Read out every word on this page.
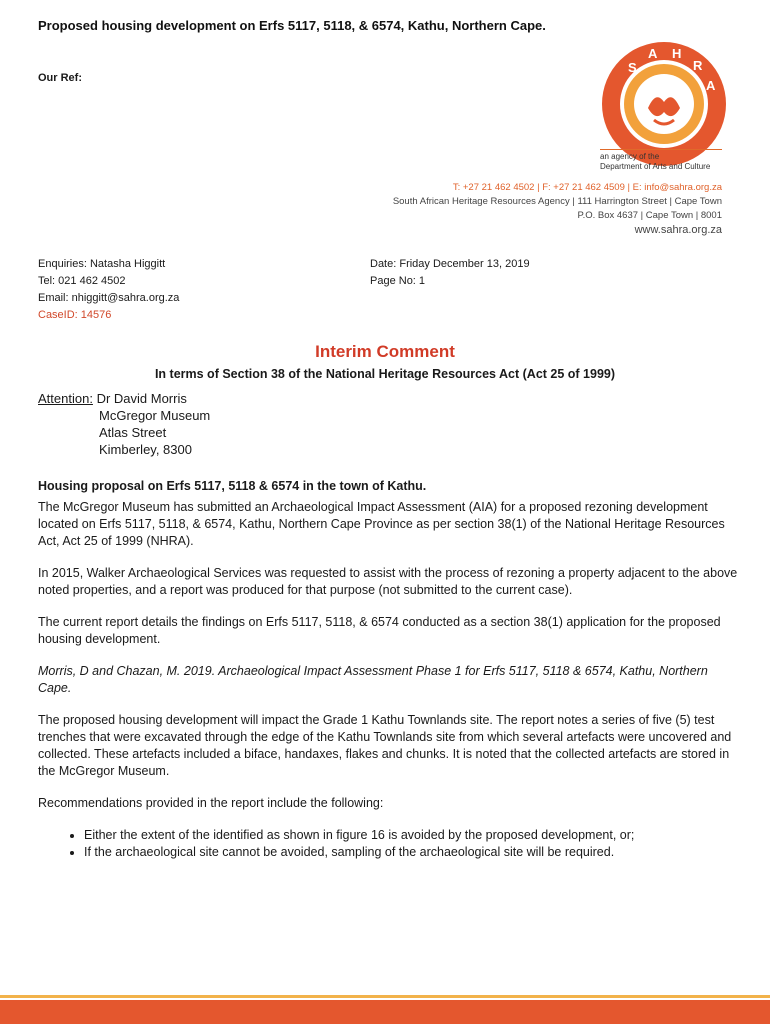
Proposed housing development on Erfs 5117, 5118, & 6574, Kathu, Northern Cape.
Our Ref:
S
A H
R
A
an agency of the
Department of Arts and Culture
T: +27 21 462 4502 | F: +27 21 462 4509 | E: info@sahra.org.za
South African Heritage Resources Agency | 111 Harrington Street | Cape Town
P.O. Box 4637 | Cape Town | 8001
www.sahra.org.za
Enquiries: Natasha Higgitt
Tel: 021 462 4502
Email: nhiggitt@sahra.org.za
CaseID: 14576
Date: Friday December 13, 2019
Page No: 1
Interim Comment
In terms of Section 38 of the National Heritage Resources Act (Act 25 of 1999)
Attention: Dr David Morris
McGregor Museum
Atlas Street
Kimberley, 8300
Housing proposal on Erfs 5117, 5118 & 6574 in the town of Kathu.

The McGregor Museum has submitted an Archaeological Impact Assessment (AIA) for a proposed rezoning development located on Erfs 5117, 5118, & 6574, Kathu, Northern Cape Province as per section 38(1) of the National Heritage Resources Act, Act 25 of 1999 (NHRA).

In 2015, Walker Archaeological Services was requested to assist with the process of rezoning a property adjacent to the above noted properties, and a report was produced for that purpose (not submitted to the current case).

The current report details the findings on Erfs 5117, 5118, & 6574 conducted as a section 38(1) application for the proposed housing development.

Morris, D and Chazan, M. 2019. Archaeological Impact Assessment Phase 1 for Erfs 5117, 5118 & 6574, Kathu, Northern Cape.

The proposed housing development will impact the Grade 1 Kathu Townlands site. The report notes a series of five (5) test trenches that were excavated through the edge of the Kathu Townlands site from which several artefacts were uncovered and collected. These artefacts included a biface, handaxes, flakes and chunks. It is noted that the collected artefacts are stored in the McGregor Museum.

Recommendations provided in the report include the following:

• Either the extent of the identified as shown in figure 16 is avoided by the proposed development, or;
• If the archaeological site cannot be avoided, sampling of the archaeological site will be required.
